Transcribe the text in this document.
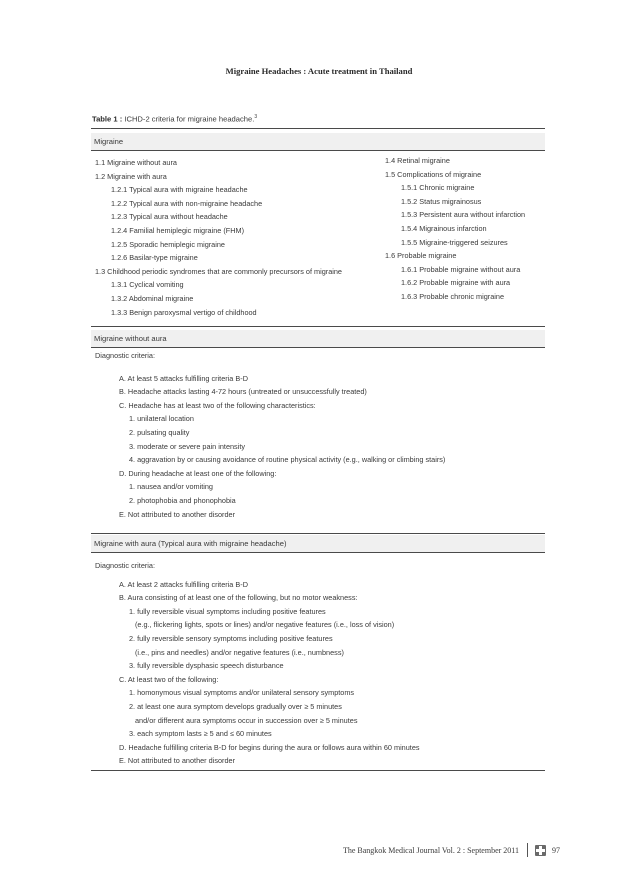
Migraine Headaches : Acute treatment in Thailand
Table 1 : ICHD-2 criteria for migraine headache.$^3$
Migraine
1.1 Migraine without aura
1.2 Migraine with aura
1.2.1 Typical aura with migraine headache
1.2.2 Typical aura with non-migraine headache
1.2.3 Typical aura without headache
1.2.4 Familial hemiplegic migraine (FHM)
1.2.5 Sporadic hemiplegic migraine
1.2.6 Basilar-type migraine
1.3 Childhood periodic syndromes that are commonly precursors of migraine
1.3.1 Cyclical vomiting
1.3.2 Abdominal migraine
1.3.3 Benign paroxysmal vertigo of childhood
1.4 Retinal migraine
1.5 Complications of migraine
1.5.1 Chronic migraine
1.5.2 Status migrainosus
1.5.3 Persistent aura without infarction
1.5.4 Migrainous infarction
1.5.5 Migraine-triggered seizures
1.6 Probable migraine
1.6.1 Probable migraine without aura
1.6.2 Probable migraine with aura
1.6.3 Probable chronic migraine
Migraine without aura
Diagnostic criteria:
A. At least 5 attacks fulfilling criteria B-D
B. Headache attacks lasting 4-72 hours (untreated or unsuccessfully treated)
C. Headache has at least two of the following characteristics:
1. unilateral location
2. pulsating quality
3. moderate or severe pain intensity
4. aggravation by or causing avoidance of routine physical activity (e.g., walking or climbing stairs)
D. During headache at least one of the following:
1. nausea and/or vomiting
2. photophobia and phonophobia
E. Not attributed to another disorder
Migraine with aura (Typical aura with migraine headache)
Diagnostic criteria:
A. At least 2 attacks fulfilling criteria B-D
B. Aura consisting of at least one of the following, but no motor weakness:
1. fully reversible visual symptoms including positive features
(e.g., flickering lights, spots or lines) and/or negative features (i.e., loss of vision)
2. fully reversible sensory symptoms including positive features
(i.e., pins and needles) and/or negative features (i.e., numbness)
3. fully reversible dysphasic speech disturbance
C. At least two of the following:
1. homonymous visual symptoms and/or unilateral sensory symptoms
2. at least one aura symptom develops gradually over ≥ 5 minutes
and/or different aura symptoms occur in succession over ≥ 5 minutes
3. each symptom lasts ≥ 5 and ≤ 60 minutes
D. Headache fulfilling criteria B-D for begins during the aura or follows aura within 60 minutes
E. Not attributed to another disorder
The Bangkok Medical Journal Vol. 2 : September 2011	97
